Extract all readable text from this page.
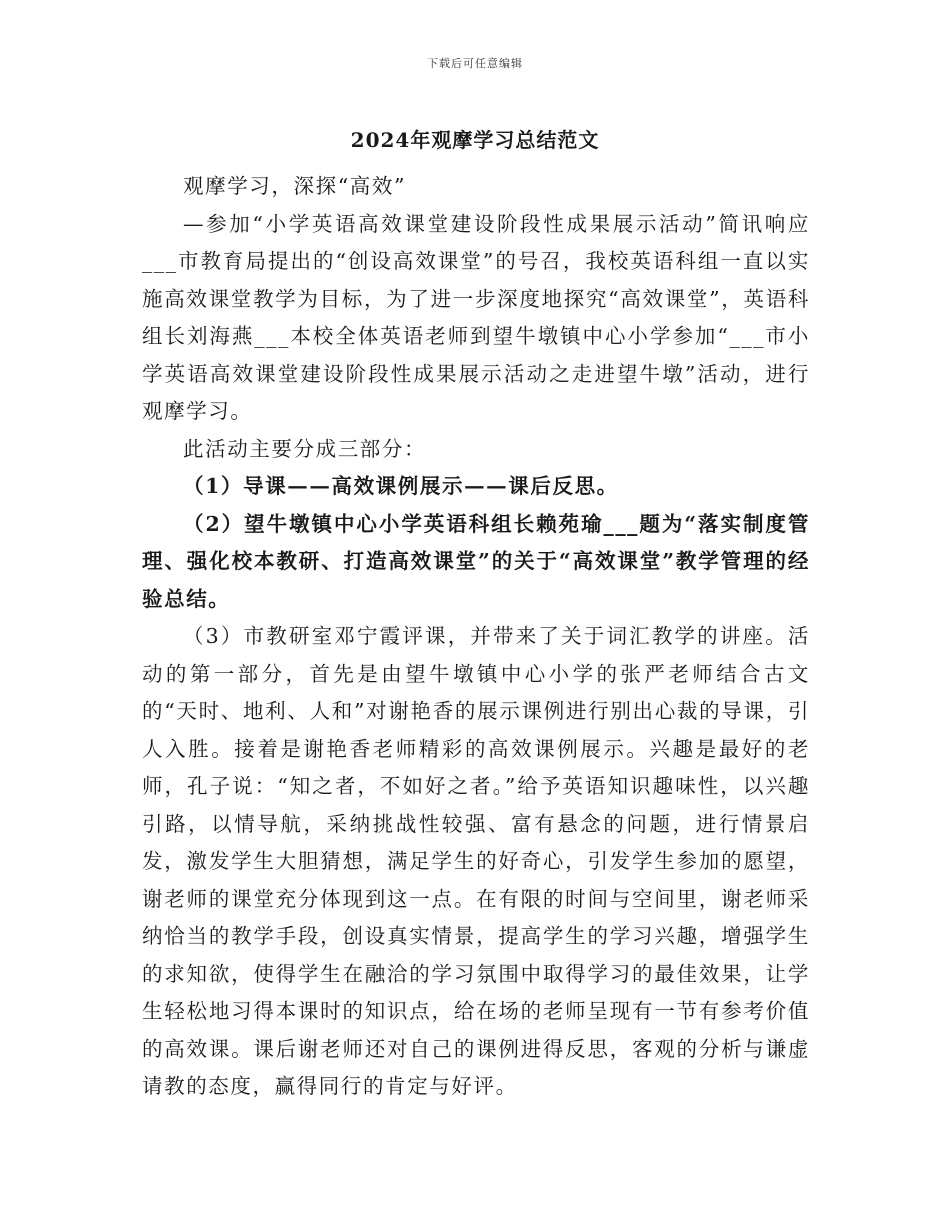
下载后可任意编辑
2024年观摩学习总结范文

观摩学习，深探“高效”

—参加“小学英语高效课堂建设阶段性成果展示活动”简讯响应___市教育局提出的“创设高效课堂”的号召，我校英语科组一直以实施高效课堂教学为目标，为了进一步深度地探究“高效课堂”，英语科组长刘海燕___本校全体英语老师到望牛墩镇中心小学参加“___市小学英语高效课堂建设阶段性成果展示活动之走进望牛墩”活动，进行观摩学习。

此活动主要分成三部分：

（1）导课——高效课例展示——课后反思。

（2）望牛墩镇中心小学英语科组长赖苑瑜___题为“落实制度管理、强化校本教研、打造高效课堂”的关于“高效课堂”教学管理的经验总结。

（3）市教研室邓宁霞评课，并带来了关于词汇教学的讲座。活动的第一部分，首先是由望牛墩镇中心小学的张严老师结合古文的“天时、地利、人和”对谢艳香的展示课例进行别出心裁的导课，引人入胜。接着是谢艳香老师精彩的高效课例展示。兴趣是最好的老师，孔子说：“知之者，不如好之者。”给予英语知识趣味性，以兴趣引路，以情导航，采纳挑战性较强、富有悬念的问题，进行情景启发，激发学生大胆猜想，满足学生的好奇心，引发学生参加的愿望，谢老师的课堂充分体现到这一点。在有限的时间与空间里，谢老师采纳恰当的教学手段，创设真实情景，提高学生的学习兴趣，增强学生的求知欲，使得学生在融洽的学习氛围中取得学习的最佳效果，让学生轻松地习得本课时的知识点，给在场的老师呈现有一节有参考价值的高效课。课后谢老师还对自己的课例进得反思，客观的分析与谦虚请教的态度，赢得同行的肯定与好评。
